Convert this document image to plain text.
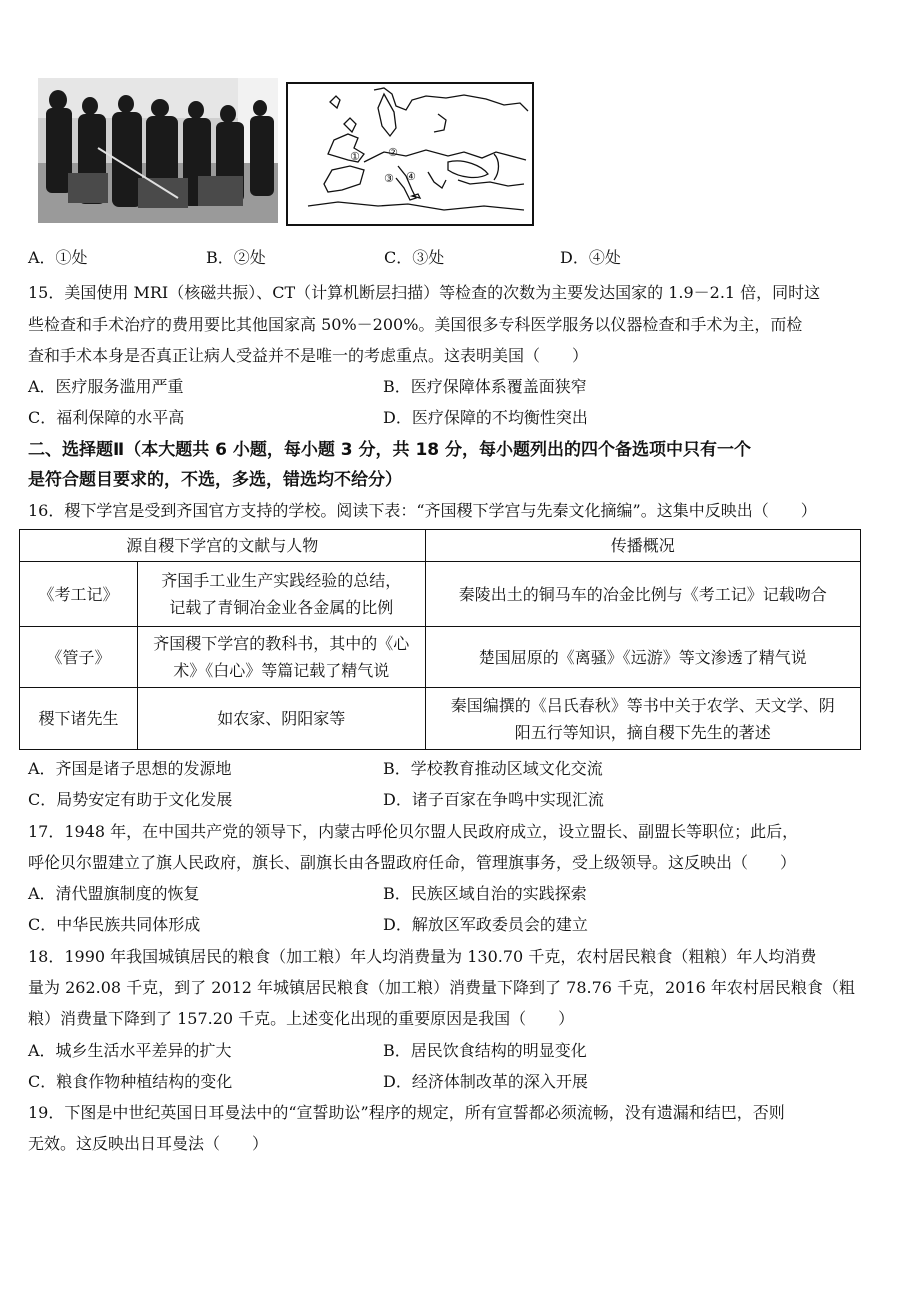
①	②
③ ④
A．①处	B．②处	C．③处	D．④处
15．美国使用 MRI（核磁共振）、CT（计算机断层扫描）等检查的次数为主要发达国家的 1.9－2.1 倍，同时这
些检查和手术治疗的费用要比其他国家高 50%－200%。美国很多专科医学服务以仪器检查和手术为主，而检
查和手术本身是否真正让病人受益并不是唯一的考虑重点。这表明美国（　　）
A．医疗服务滥用严重	B．医疗保障体系覆盖面狭窄
C．福利保障的水平高	D．医疗保障的不均衡性突出
二、选择题Ⅱ（本大题共 6 小题，每小题 3 分，共 18 分，每小题列出的四个备选项中只有一个
是符合题目要求的，不选，多选，错选均不给分）
16．稷下学宫是受到齐国官方支持的学校。阅读下表：“齐国稷下学宫与先秦文化摘编”。这集中反映出（　　）
源自稷下学宫的文献与人物		传播概况
《考工记》	齐国手工业生产实践经验的总结，
记载了青铜冶金业各金属的比例	秦陵出土的铜马车的冶金比例与《考工记》记载吻合

《管子》	齐国稷下学宫的教科书，其中的《心
术》《白心》等篇记载了精气说	楚国屈原的《离骚》《远游》等文渗透了精气说

稷下诸先生	如农家、阴阳家等	秦国编撰的《吕氏春秋》等书中关于农学、天文学、阴
阳五行等知识，摘自稷下先生的著述
A．齐国是诸子思想的发源地	B．学校教育推动区域文化交流
C．局势安定有助于文化发展	D．诸子百家在争鸣中实现汇流
17．1948 年，在中国共产党的领导下，内蒙古呼伦贝尔盟人民政府成立，设立盟长、副盟长等职位；此后，
呼伦贝尔盟建立了旗人民政府，旗长、副旗长由各盟政府任命，管理旗事务，受上级领导。这反映出（　　）
A．清代盟旗制度的恢复	B．民族区域自治的实践探索
C．中华民族共同体形成	D．解放区军政委员会的建立
18．1990 年我国城镇居民的粮食（加工粮）年人均消费量为 130.70 千克，农村居民粮食（粗粮）年人均消费
量为 262.08 千克，到了 2012 年城镇居民粮食（加工粮）消费量下降到了 78.76 千克，2016 年农村居民粮食（粗
粮）消费量下降到了 157.20 千克。上述变化出现的重要原因是我国（　　）
A．城乡生活水平差异的扩大	B．居民饮食结构的明显变化
C．粮食作物种植结构的变化	D．经济体制改革的深入开展
19．下图是中世纪英国日耳曼法中的“宣誓助讼”程序的规定，所有宣誓都必须流畅，没有遗漏和结巴，否则
无效。这反映出日耳曼法（　　）
